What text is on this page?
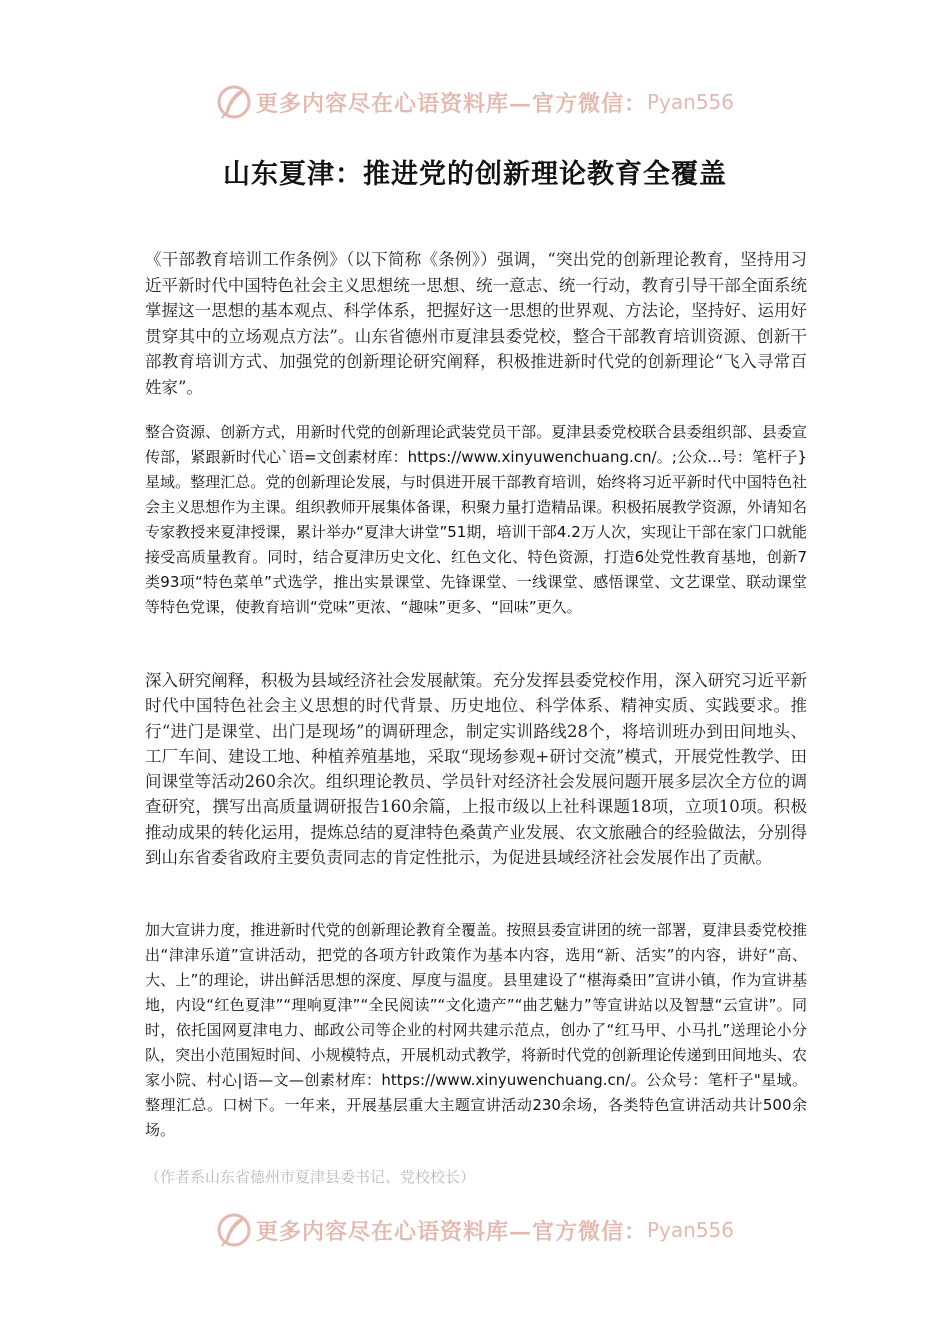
更多内容尽在心语资料库—官方微信： Pyan556
山东夏津：推进党的创新理论教育全覆盖

《干部教育培训工作条例》（以下简称《条例》）强调，“突出党的创新理论教育，坚持用习近平新时代中国特色社会主义思想统一思想、统一意志、统一行动，教育引导干部全面系统掌握这一思想的基本观点、科学体系，把握好这一思想的世界观、方法论，坚持好、运用好贯穿其中的立场观点方法”。山东省德州市夏津县委党校，整合干部教育培训资源、创新干部教育培训方式、加强党的创新理论研究阐释，积极推进新时代党的创新理论“飞入寻常百姓家”。

整合资源、创新方式，用新时代党的创新理论武装党员干部。夏津县委党校联合县委组织部、县委宣传部，紧跟新时代心`语=文创素材库：https://www.xinyuwenchuang.cn/。;公众...号：笔杆子}星域。整理汇总。党的创新理论发展，与时俱进开展干部教育培训，始终将习近平新时代中国特色社会主义思想作为主课。组织教师开展集体备课，积聚力量打造精品课。积极拓展教学资源，外请知名专家教授来夏津授课，累计举办“夏津大讲堂”51期，培训干部4.2万人次，实现让干部在家门口就能接受高质量教育。同时，结合夏津历史文化、红色文化、特色资源，打造6处党性教育基地，创新7类93项“特色菜单”式选学，推出实景课堂、先锋课堂、一线课堂、感悟课堂、文艺课堂、联动课堂等特色党课，使教育培训“党味”更浓、“趣味”更多、“回味”更久。

深入研究阐释，积极为县域经济社会发展献策。充分发挥县委党校作用，深入研究习近平新时代中国特色社会主义思想的时代背景、历史地位、科学体系、精神实质、实践要求。推行“进门是课堂、出门是现场”的调研理念，制定实训路线28个，将培训班办到田间地头、工厂车间、建设工地、种植养殖基地，采取“现场参观+研讨交流”模式，开展党性教学、田间课堂等活动260余次。组织理论教员、学员针对经济社会发展问题开展多层次全方位的调查研究，撰写出高质量调研报告160余篇，上报市级以上社科课题18项，立项10项。积极推动成果的转化运用，提炼总结的夏津特色桑黄产业发展、农文旅融合的经验做法，分别得到山东省委省政府主要负责同志的肯定性批示，为促进县域经济社会发展作出了贡献。

加大宣讲力度，推进新时代党的创新理论教育全覆盖。按照县委宣讲团的统一部署，夏津县委党校推出“津津乐道”宣讲活动，把党的各项方针政策作为基本内容，选用“新、活实”的内容，讲好“高、大、上”的理论，讲出鲜活思想的深度、厚度与温度。县里建设了“椹海桑田”宣讲小镇，作为宣讲基地，内设“红色夏津”“理响夏津”“全民阅读”“文化遗产”“曲艺魅力”等宣讲站以及智慧“云宣讲”。同时，依托国网夏津电力、邮政公司等企业的村网共建示范点，创办了“红马甲、小马扎”送理论小分队，突出小范围短时间、小规模特点，开展机动式教学，将新时代党的创新理论传递到田间地头、农家小院、村心|语—文—创素材库：https://www.xinyuwenchuang.cn/。公众号：笔杆子"星域。整理汇总。口树下。一年来，开展基层重大主题宣讲活动230余场，各类特色宣讲活动共计500余场。

（作者系山东省德州市夏津县委书记、党校校长）

更多内容尽在心语资料库—官方微信： Pyan556
